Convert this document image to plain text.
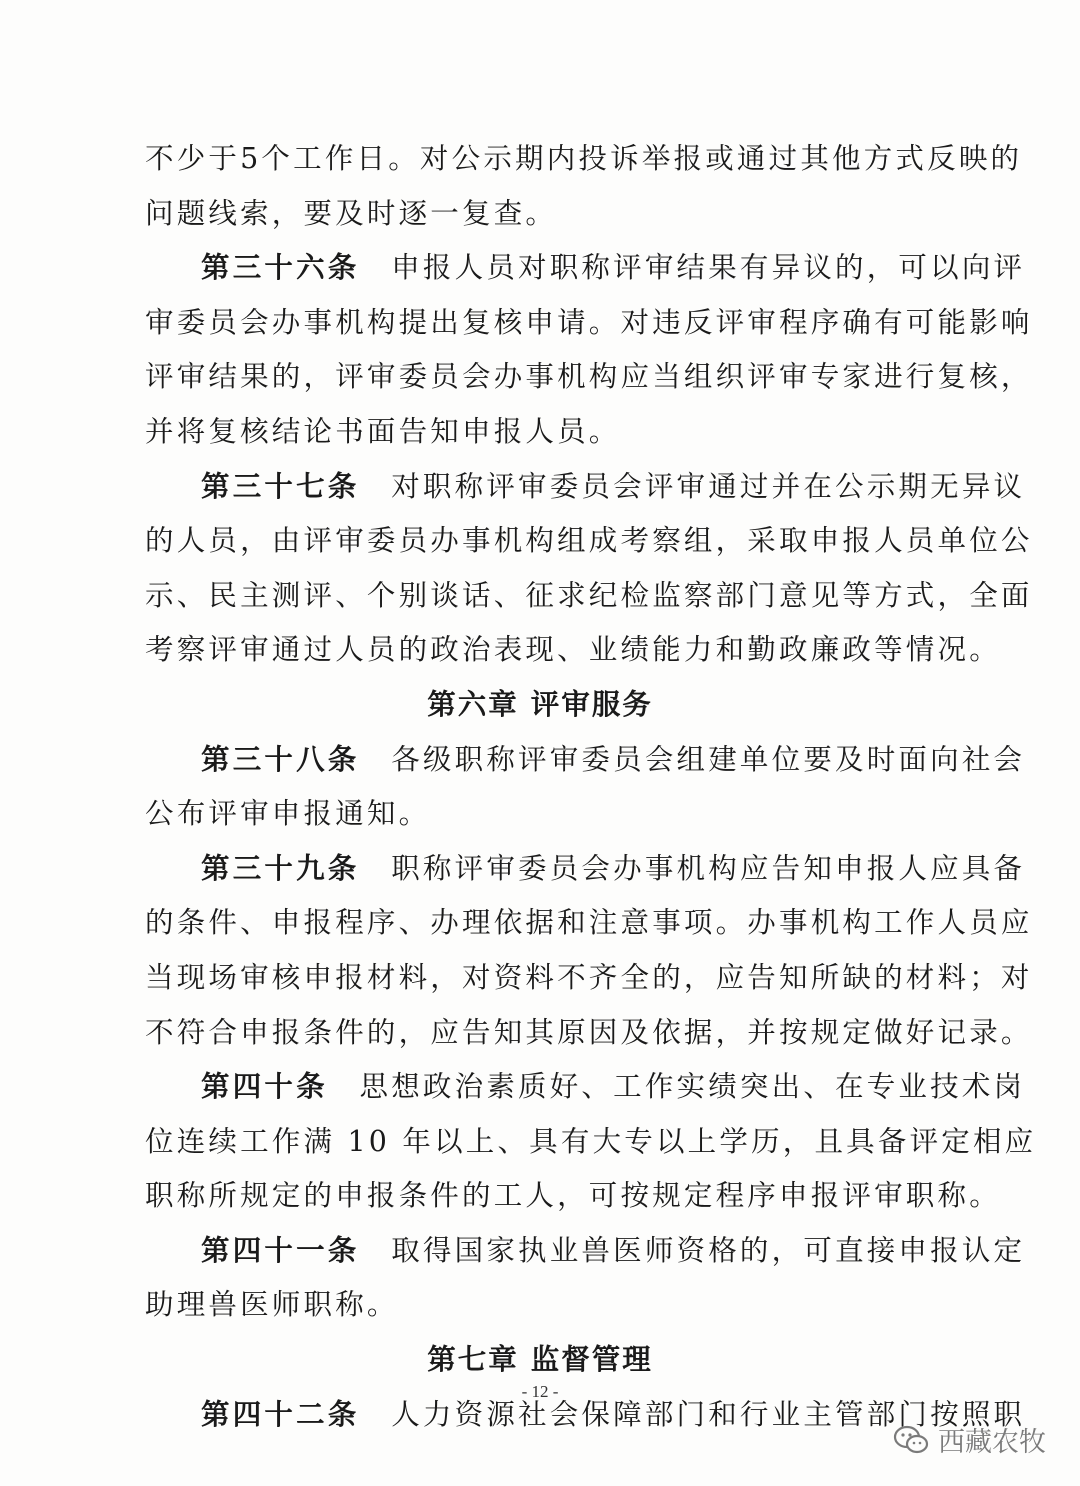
不少于5个工作日。对公示期内投诉举报或通过其他方式反映的
问题线索，要及时逐一复查。
第三十六条  申报人员对职称评审结果有异议的，可以向评
审委员会办事机构提出复核申请。对违反评审程序确有可能影响
评审结果的，评审委员会办事机构应当组织评审专家进行复核，
并将复核结论书面告知申报人员。
第三十七条  对职称评审委员会评审通过并在公示期无异议
的人员，由评审委员办事机构组成考察组，采取申报人员单位公
示、民主测评、个别谈话、征求纪检监察部门意见等方式，全面
考察评审通过人员的政治表现、业绩能力和勤政廉政等情况。
第六章 评审服务
第三十八条  各级职称评审委员会组建单位要及时面向社会
公布评审申报通知。
第三十九条  职称评审委员会办事机构应告知申报人应具备
的条件、申报程序、办理依据和注意事项。办事机构工作人员应
当现场审核申报材料，对资料不齐全的，应告知所缺的材料；对
不符合申报条件的，应告知其原因及依据，并按规定做好记录。
第四十条  思想政治素质好、工作实绩突出、在专业技术岗
位连续工作满 10 年以上、具有大专以上学历，且具备评定相应
职称所规定的申报条件的工人，可按规定程序申报评审职称。
第四十一条  取得国家执业兽医师资格的，可直接申报认定
助理兽医师职称。
第七章 监督管理
第四十二条  人力资源社会保障部门和行业主管部门按照职
- 12 -
西藏农牧
